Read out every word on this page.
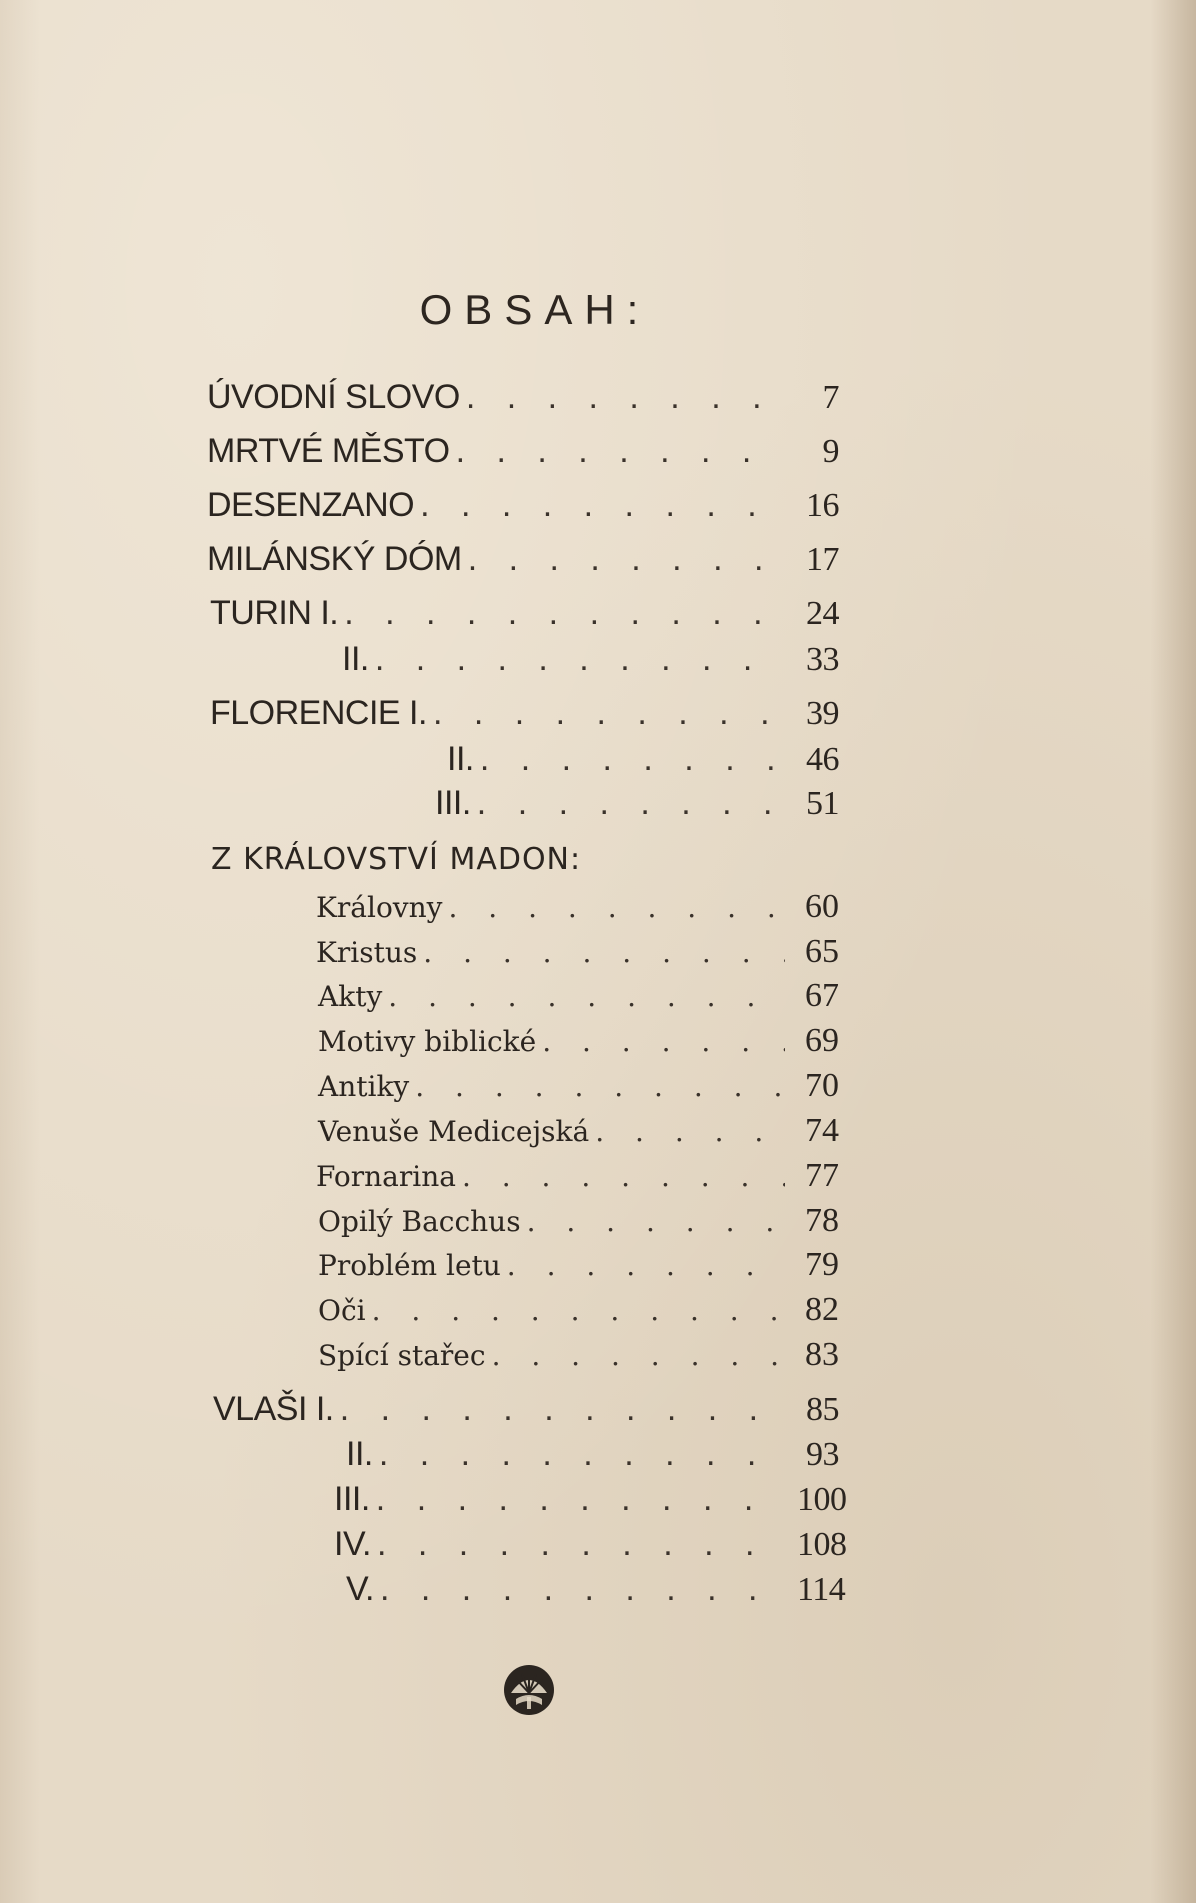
OBSAH:
ÚVODNÍ SLOVO . . .	7
MRTVÉ MĚSTO . . .	9
DESENZANO . . .	16
MILÁNSKÝ DÓM . . .	17
TURIN I. . . .	24
II. . . .	33
FLORENCIE I. . . .	39
II. . . .	46
III. . . .	51
Z KRÁLOVSTVÍ MADON:
Královny . . .	60
Kristus . . .	65
Akty . . .	67
Motivy biblické . . .	69
Antiky . . .	70
Venuše Medicejská . . .	74
Fornarina . . .	77
Opilý Bacchus . . .	78
Problém letu . . .	79
Oči . . .	82
Spící stařec . . .	83
VLAŠI I. . . .	85
II. . . .	93
III. . . .	100
IV. . . .	108
V. . . .	114
